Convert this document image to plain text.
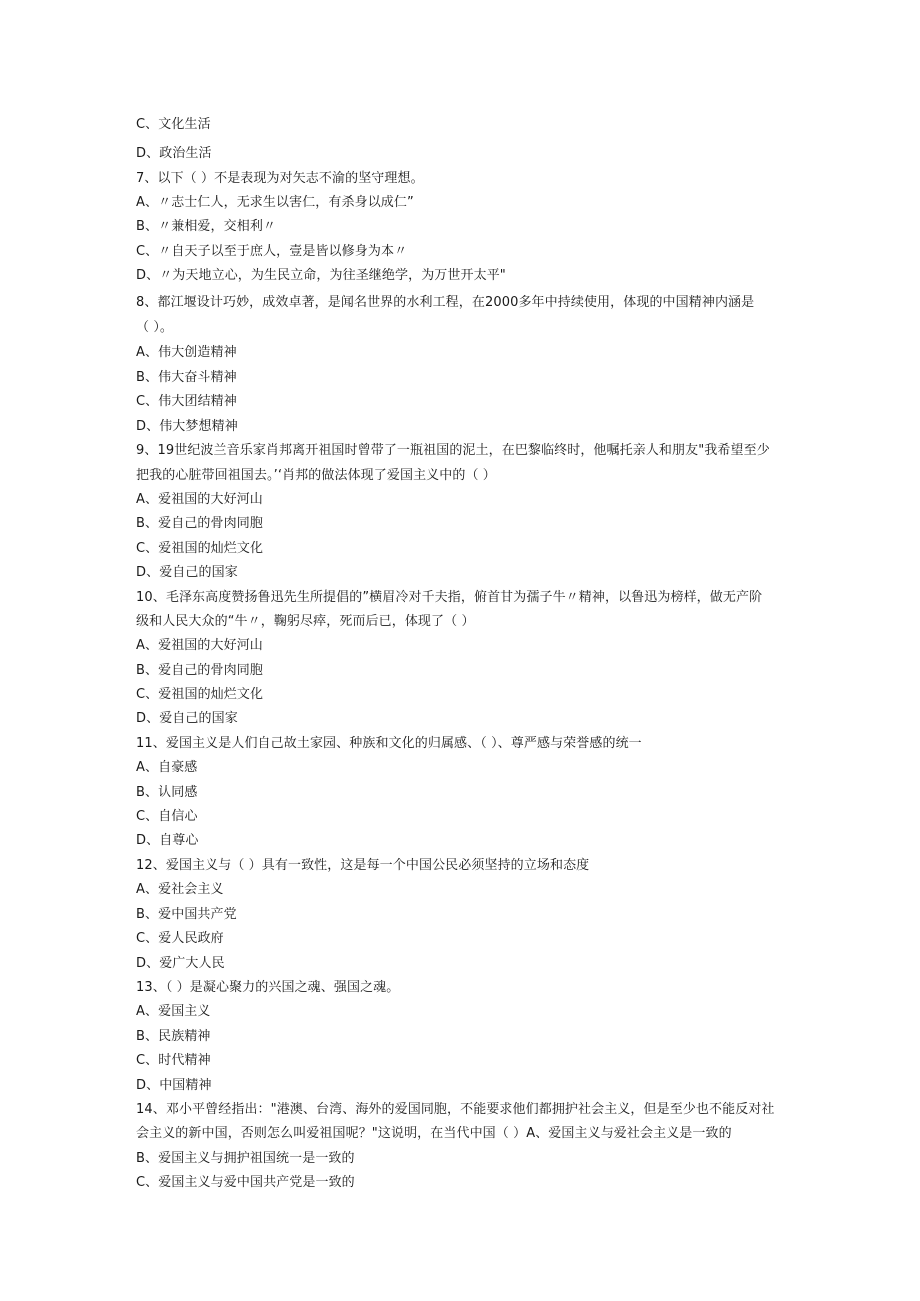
C、文化生活
D、政治生活
7、以下（ ）不是表现为对矢志不渝的坚守理想。
A、〃志士仁人，无求生以害仁，有杀身以成仁”
B、〃兼相爱，交相利〃
C、〃自天子以至于庶人，壹是皆以修身为本〃
D、〃为天地立心，为生民立命，为往圣继绝学，为万世开太平"
8、都江堰设计巧妙，成效卓著，是闻名世界的水利工程，在2000多年中持续使用，体现的中国精神内涵是
（ ）。
A、伟大创造精神
B、伟大奋斗精神
C、伟大团结精神
D、伟大梦想精神
9、19世纪波兰音乐家肖邦离开祖国时曾带了一瓶祖国的泥土，在巴黎临终时，他嘱托亲人和朋友"我希望至少
把我的心脏带回祖国去。’‘肖邦的做法体现了爱国主义中的（ ）
A、爱祖国的大好河山
B、爱自己的骨肉同胞
C、爱祖国的灿烂文化
D、爱自己的国家
10、毛泽东高度赞扬鲁迅先生所提倡的”横眉冷对千夫指，俯首甘为孺子牛〃精神，以鲁迅为榜样，做无产阶
级和人民大众的“牛〃，鞠躬尽瘁，死而后已，体现了（ ）
A、爱祖国的大好河山
B、爱自己的骨肉同胞
C、爱祖国的灿烂文化
D、爱自己的国家
11、爱国主义是人们自己故土家园、种族和文化的归属感、（ ）、尊严感与荣誉感的统一
A、自豪感
B、认同感
C、自信心
D、自尊心
12、爱国主义与（ ）具有一致性，这是每一个中国公民必须坚持的立场和态度
A、爱社会主义
B、爱中国共产党
C、爱人民政府
D、爱广大人民
13、（ ）是凝心聚力的兴国之魂、强国之魂。
A、爱国主义
B、民族精神
C、时代精神
D、中国精神
14、邓小平曾经指出："港澳、台湾、海外的爱国同胞，不能要求他们都拥护社会主义，但是至少也不能反对社
会主义的新中国，否则怎么叫爱祖国呢？"这说明，在当代中国（ ）A、爱国主义与爱社会主义是一致的
B、爱国主义与拥护祖国统一是一致的
C、爱国主义与爱中国共产党是一致的
